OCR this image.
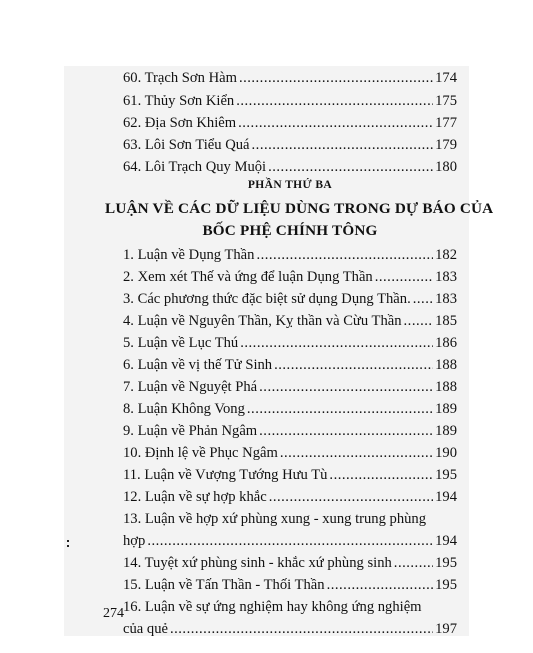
60. Trạch Sơn Hàm .....	174
61. Thủy Sơn Kiển .....	175
62. Địa Sơn Khiêm .....	177
63. Lôi Sơn Tiểu Quá .....	179
64. Lôi Trạch Quy Muội .....	180
PHẦN THỨ BA
LUẬN VỀ CÁC DỮ LIỆU DÙNG TRONG DỰ BÁO CỦA
BỐC PHỆ CHÍNH TÔNG
1. Luận về Dụng Thần .....	182
2. Xem xét Thế và ứng để luận Dụng Thần .....	183
3. Các phương thức đặc biệt sử dụng Dụng Thần. ..... 183
4. Luận về Nguyên Thần, Kỵ thần và Cừu Thần ..... 185
5. Luận về Lục Thú .....	186
6. Luận về vị thế Tử Sinh .....	188
7. Luận về Nguyệt Phá .....	188
8. Luận Không Vong .....	189
9. Luận về Phản Ngâm .....	189
10. Định lệ về Phục Ngâm .....	190
11. Luận về Vượng Tướng Hưu Tù .....	195
12. Luận về sự hợp khắc .....	194
13. Luận về hợp xứ phùng xung - xung trung phùng
hợp .....	194
14. Tuyệt xứ phùng sinh - khắc xứ phùng sinh .....	195
15. Luận về Tấn Thần - Thối Thần .....	195
16. Luận về sự ứng nghiệm hay không ứng nghiệm
của quẻ .....	197
274
